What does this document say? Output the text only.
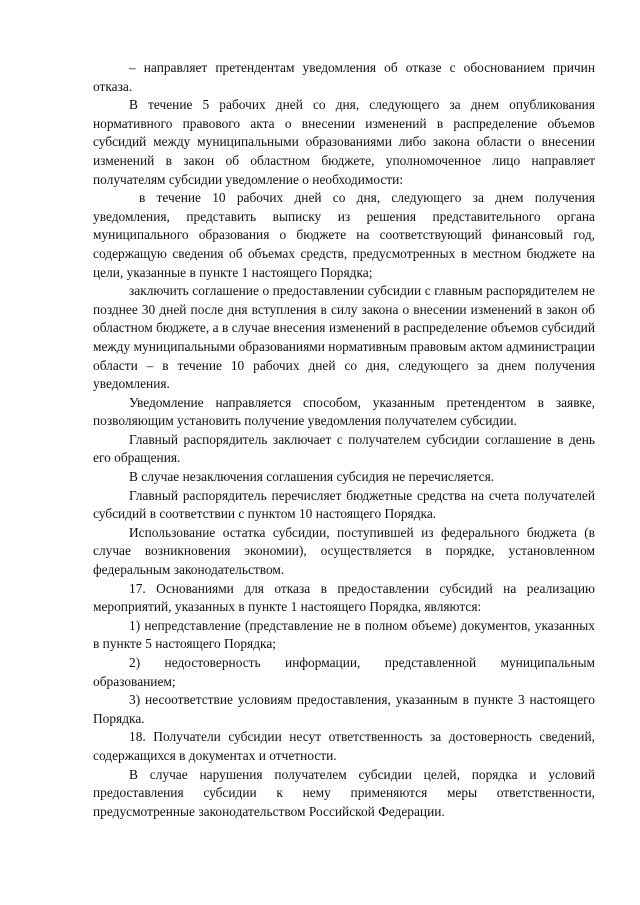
– направляет претендентам уведомления об отказе с обоснованием причин отказа.

В течение 5 рабочих дней со дня, следующего за днем опубликования нормативного правового акта о внесении изменений в распределение объемов субсидий между муниципальными образованиями либо закона области о внесении изменений в закон об областном бюджете, уполномоченное лицо направляет получателям субсидии уведомление о необходимости:

в течение 10 рабочих дней со дня, следующего за днем получения уведомления, представить выписку из решения представительного органа муниципального образования о бюджете на соответствующий финансовый год, содержащую сведения об объемах средств, предусмотренных в местном бюджете на цели, указанные в пункте 1 настоящего Порядка;

заключить соглашение о предоставлении субсидии с главным распорядителем не позднее 30 дней после дня вступления в силу закона о внесении изменений в закон об областном бюджете, а в случае внесения изменений в распределение объемов субсидий между муниципальными образованиями нормативным правовым актом администрации области – в течение 10 рабочих дней со дня, следующего за днем получения уведомления.

Уведомление направляется способом, указанным претендентом в заявке, позволяющим установить получение уведомления получателем субсидии.

Главный распорядитель заключает с получателем субсидии соглашение в день его обращения.

В случае незаключения соглашения субсидия не перечисляется.

Главный распорядитель перечисляет бюджетные средства на счета получателей субсидий в соответствии с пунктом 10 настоящего Порядка.

Использование остатка субсидии, поступившей из федерального бюджета (в случае возникновения экономии), осуществляется в порядке, установленном федеральным законодательством.

17. Основаниями для отказа в предоставлении субсидий на реализацию мероприятий, указанных в пункте 1 настоящего Порядка, являются:

1) непредставление (представление не в полном объеме) документов, указанных в пункте 5 настоящего Порядка;

2) недостоверность информации, представленной муниципальным образованием;

3) несоответствие условиям предоставления, указанным в пункте 3 настоящего Порядка.

18. Получатели субсидии несут ответственность за достоверность сведений, содержащихся в документах и отчетности.

В случае нарушения получателем субсидии целей, порядка и условий предоставления субсидии к нему применяются меры ответственности, предусмотренные законодательством Российской Федерации.
